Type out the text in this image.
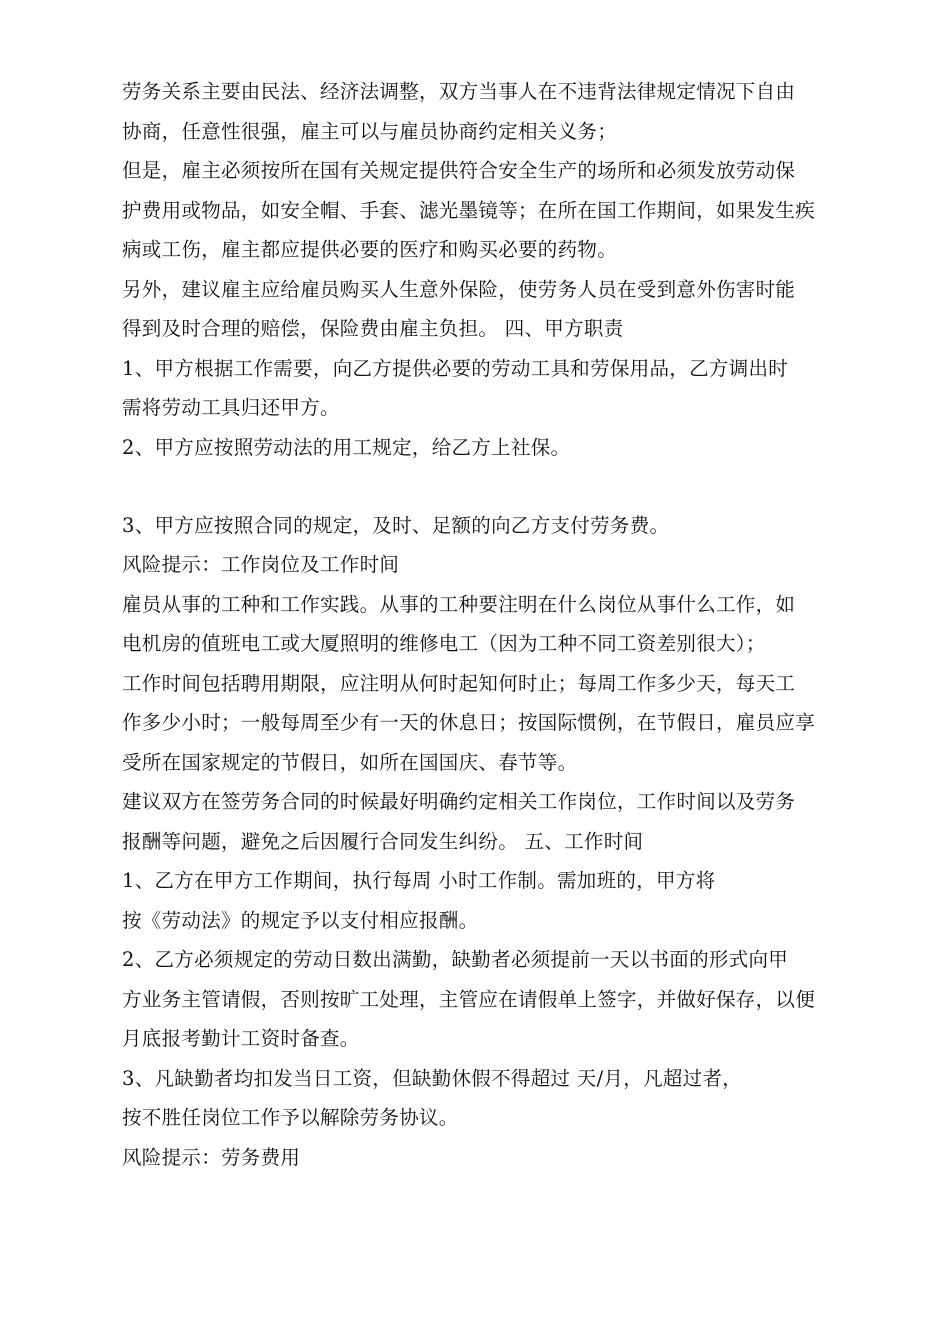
劳务关系主要由民法、经济法调整，双方当事人在不违背法律规定情况下自由
协商，任意性很强，雇主可以与雇员协商约定相关义务；
但是，雇主必须按所在国有关规定提供符合安全生产的场所和必须发放劳动保
护费用或物品，如安全帽、手套、滤光墨镜等；在所在国工作期间，如果发生疾
病或工伤，雇主都应提供必要的医疗和购买必要的药物。
另外，建议雇主应给雇员购买人生意外保险，使劳务人员在受到意外伤害时能
得到及时合理的赔偿，保险费由雇主负担。 四、甲方职责
1、甲方根据工作需要，向乙方提供必要的劳动工具和劳保用品，乙方调出时
需将劳动工具归还甲方。
2、甲方应按照劳动法的用工规定，给乙方上社保。
3、甲方应按照合同的规定，及时、足额的向乙方支付劳务费。
风险提示：工作岗位及工作时间
雇员从事的工种和工作实践。从事的工种要注明在什么岗位从事什么工作，如
电机房的值班电工或大厦照明的维修电工（因为工种不同工资差别很大）；
工作时间包括聘用期限，应注明从何时起知何时止；每周工作多少天，每天工
作多少小时；一般每周至少有一天的休息日；按国际惯例，在节假日，雇员应享
受所在国家规定的节假日，如所在国国庆、春节等。
建议双方在签劳务合同的时候最好明确约定相关工作岗位，工作时间以及劳务
报酬等问题，避免之后因履行合同发生纠纷。 五、工作时间
1、乙方在甲方工作期间，执行每周 小时工作制。需加班的，甲方将
按《劳动法》的规定予以支付相应报酬。
2、乙方必须规定的劳动日数出满勤，缺勤者必须提前一天以书面的形式向甲
方业务主管请假，否则按旷工处理，主管应在请假单上签字，并做好保存，以便
月底报考勤计工资时备查。
3、凡缺勤者均扣发当日工资，但缺勤休假不得超过 天/月，凡超过者，
按不胜任岗位工作予以解除劳务协议。
风险提示：劳务费用
